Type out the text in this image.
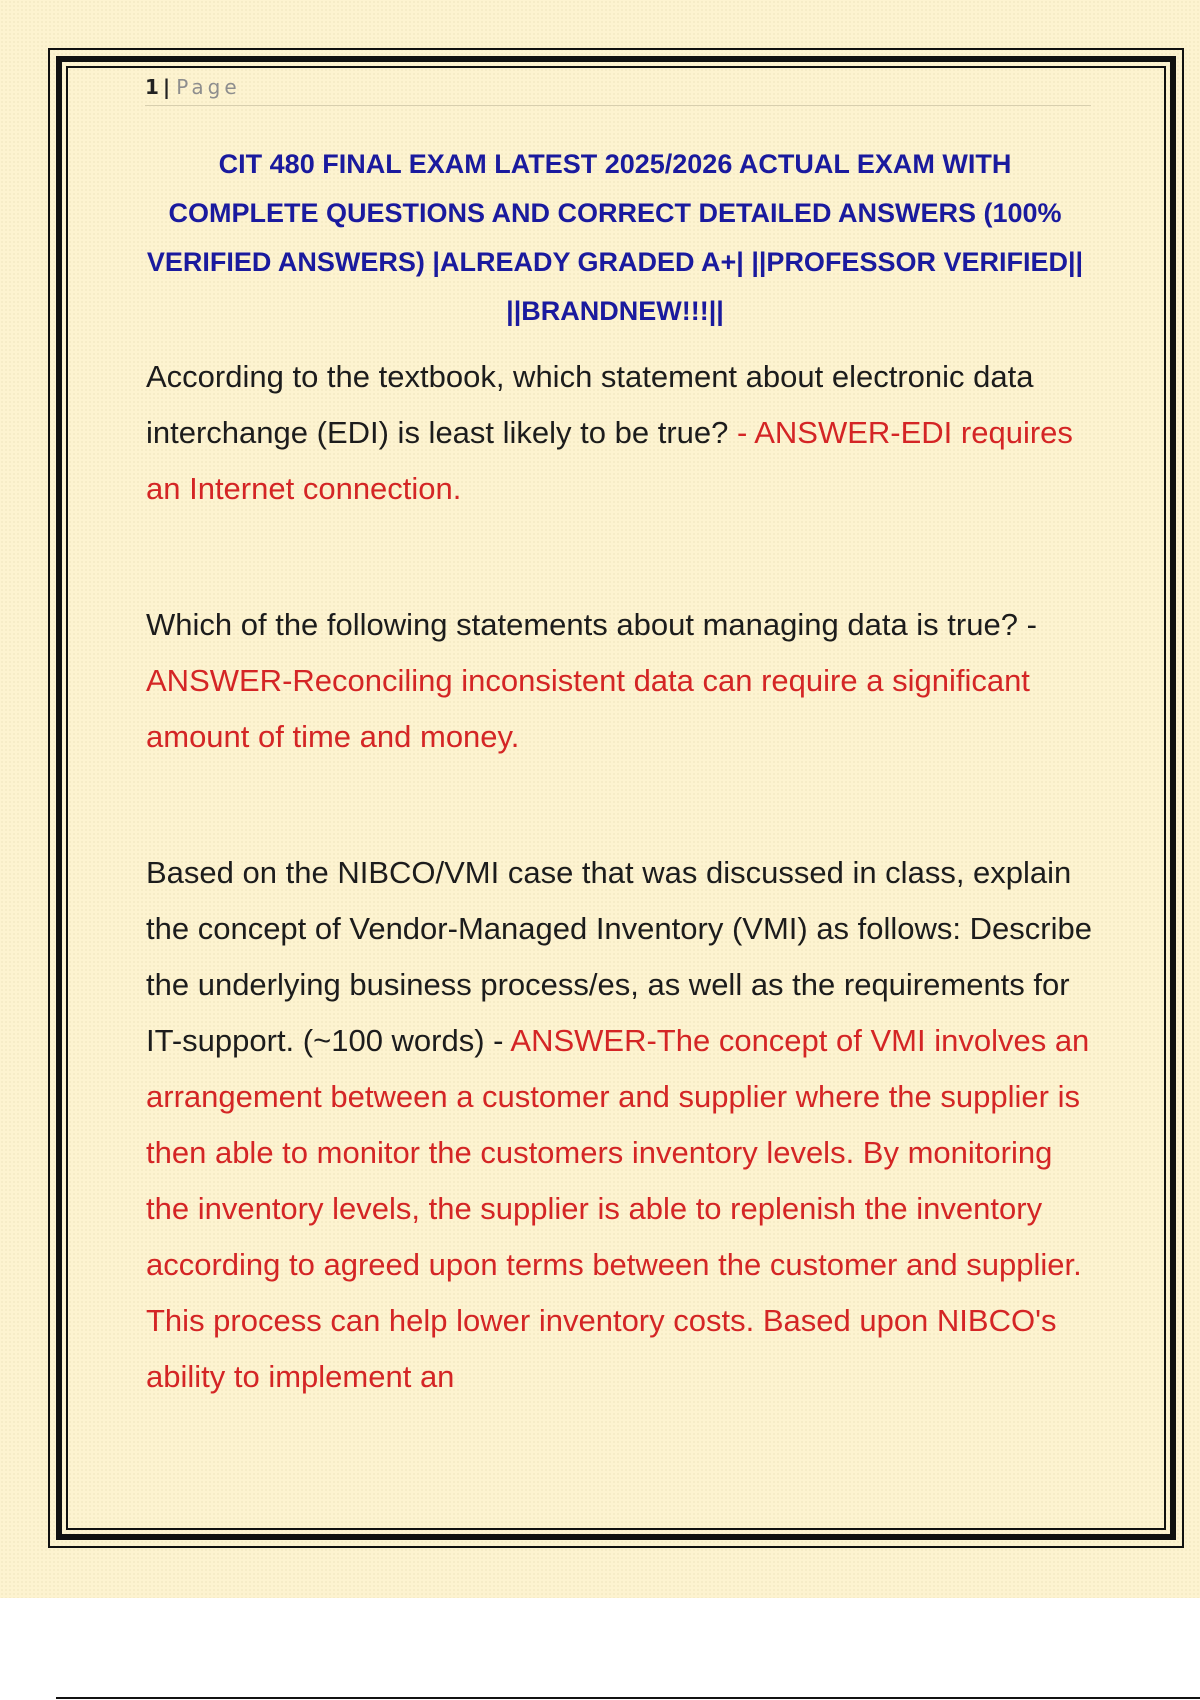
1 | Page

CIT 480 FINAL EXAM LATEST 2025/2026 ACTUAL EXAM WITH COMPLETE QUESTIONS AND CORRECT DETAILED ANSWERS (100% VERIFIED ANSWERS) |ALREADY GRADED A+| ||PROFESSOR VERIFIED|| ||BRANDNEW!!!||

According to the textbook, which statement about electronic data interchange (EDI) is least likely to be true? - ANSWER-EDI requires an Internet connection.

Which of the following statements about managing data is true? - ANSWER-Reconciling inconsistent data can require a significant amount of time and money.

Based on the NIBCO/VMI case that was discussed in class, explain the concept of Vendor-Managed Inventory (VMI) as follows: Describe the underlying business process/es, as well as the requirements for IT-support. (~100 words) - ANSWER-The concept of VMI involves an arrangement between a customer and supplier where the supplier is then able to monitor the customers inventory levels. By monitoring the inventory levels, the supplier is able to replenish the inventory according to agreed upon terms between the customer and supplier. This process can help lower inventory costs. Based upon NIBCO's ability to implement an
